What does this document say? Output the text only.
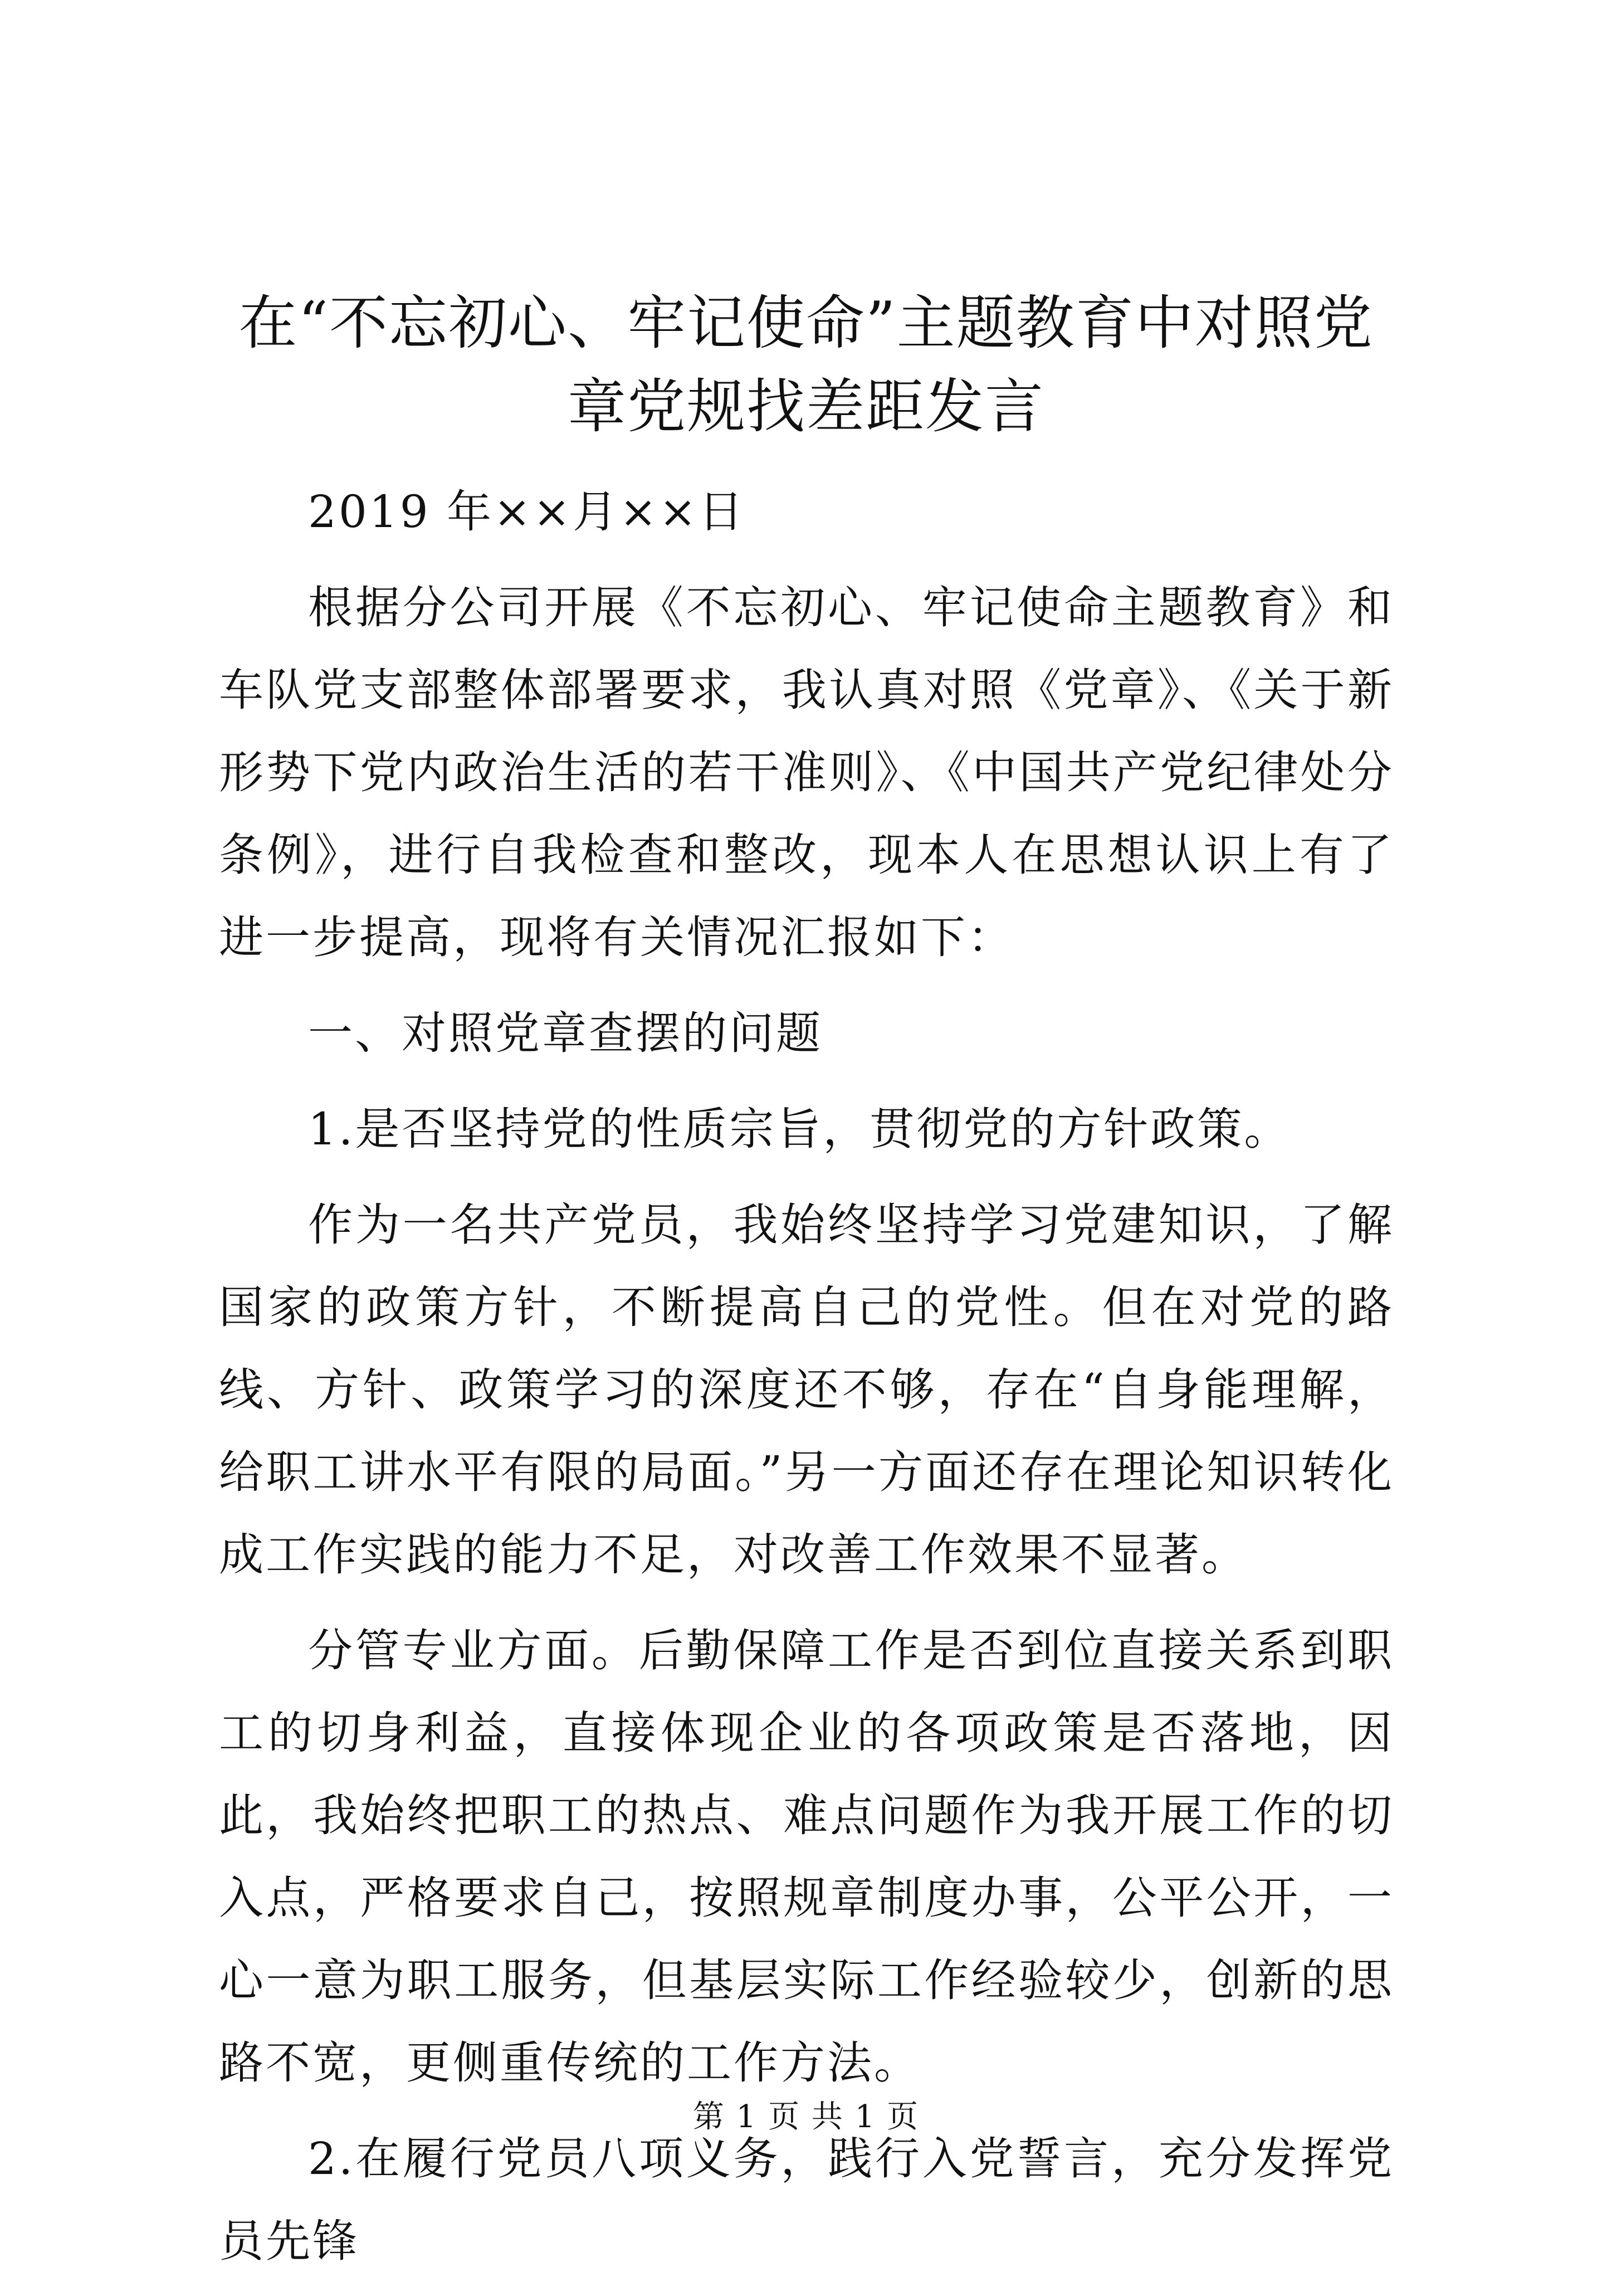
在“不忘初心、牢记使命”主题教育中对照党
章党规找差距发言

2019 年××月××日

根据分公司开展《不忘初心、牢记使命主题教育》和车队党支部整体部署要求，我认真对照《党章》、《关于新形势下党内政治生活的若干准则》、《中国共产党纪律处分条例》，进行自我检查和整改，现本人在思想认识上有了进一步提高，现将有关情况汇报如下：

一、对照党章查摆的问题

1.是否坚持党的性质宗旨，贯彻党的方针政策。

作为一名共产党员，我始终坚持学习党建知识，了解国家的政策方针，不断提高自己的党性。但在对党的路线、方针、政策学习的深度还不够，存在“自身能理解，给职工讲水平有限的局面。”另一方面还存在理论知识转化成工作实践的能力不足，对改善工作效果不显著。

分管专业方面。后勤保障工作是否到位直接关系到职工的切身利益，直接体现企业的各项政策是否落地，因此，我始终把职工的热点、难点问题作为我开展工作的切入点，严格要求自己，按照规章制度办事，公平公开，一心一意为职工服务，但基层实际工作经验较少，创新的思路不宽，更侧重传统的工作方法。

2.在履行党员八项义务，践行入党誓言，充分发挥党员先锋

第 1 页 共 1 页
